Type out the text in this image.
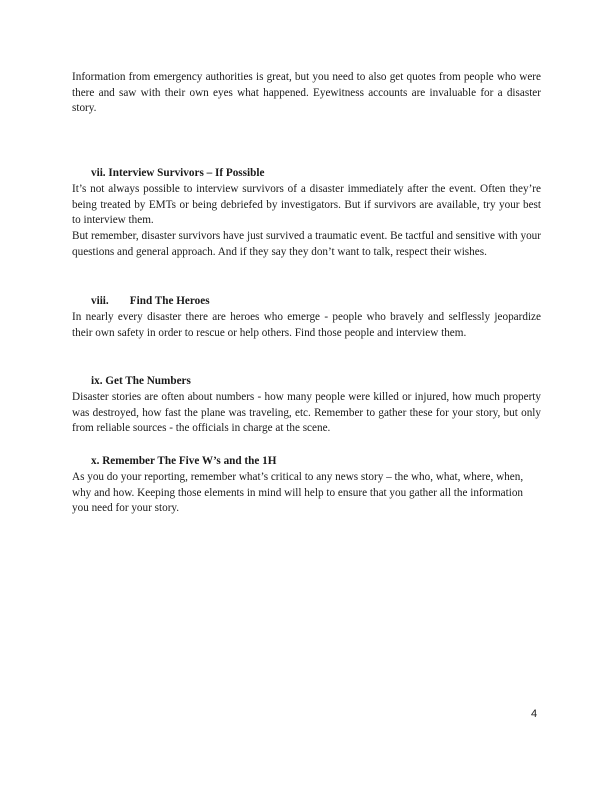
Information from emergency authorities is great, but you need to also get quotes from people who were there and saw with their own eyes what happened. Eyewitness accounts are invaluable for a disaster story.
vii. Interview Survivors – If Possible
It’s not always possible to interview survivors of a disaster immediately after the event. Often they’re being treated by EMTs or being debriefed by investigators. But if survivors are available, try your best to interview them.
But remember, disaster survivors have just survived a traumatic event. Be tactful and sensitive with your questions and general approach. And if they say they don’t want to talk, respect their wishes.
viii. Find The Heroes
In nearly every disaster there are heroes who emerge - people who bravely and selflessly jeopardize their own safety in order to rescue or help others. Find those people and interview them.
ix. Get The Numbers
Disaster stories are often about numbers - how many people were killed or injured, how much property was destroyed, how fast the plane was traveling, etc. Remember to gather these for your story, but only from reliable sources - the officials in charge at the scene.
x. Remember The Five W’s and the 1H
As you do your reporting, remember what’s critical to any news story – the who, what, where, when, why and how. Keeping those elements in mind will help to ensure that you gather all the information you need for your story.
4
